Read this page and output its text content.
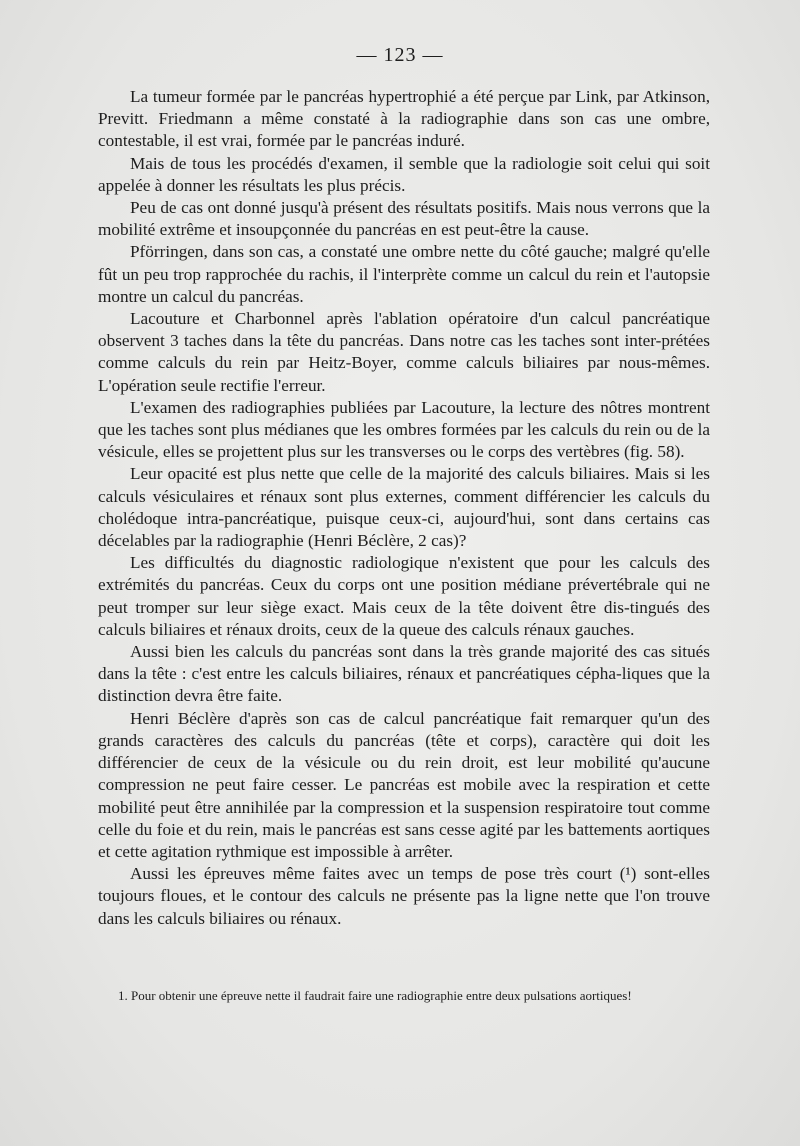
— 123 —

La tumeur formée par le pancréas hypertrophié a été perçue par Link, par Atkinson, Previtt. Friedmann a même constaté à la radiographie dans son cas une ombre, contestable, il est vrai, formée par le pancréas induré.

Mais de tous les procédés d'examen, il semble que la radiologie soit celui qui soit appelée à donner les résultats les plus précis.

Peu de cas ont donné jusqu'à présent des résultats positifs. Mais nous verrons que la mobilité extrême et insoupçonnée du pancréas en est peut-être la cause.

Pförringen, dans son cas, a constaté une ombre nette du côté gauche; malgré qu'elle fût un peu trop rapprochée du rachis, il l'interprète comme un calcul du rein et l'autopsie montre un calcul du pancréas.

Lacouture et Charbonnel après l'ablation opératoire d'un calcul pancréatique observent 3 taches dans la tête du pancréas. Dans notre cas les taches sont inter-prétées comme calculs du rein par Heitz-Boyer, comme calculs biliaires par nous-mêmes. L'opération seule rectifie l'erreur.

L'examen des radiographies publiées par Lacouture, la lecture des nôtres montrent que les taches sont plus médianes que les ombres formées par les calculs du rein ou de la vésicule, elles se projettent plus sur les transverses ou le corps des vertèbres (fig. 58).

Leur opacité est plus nette que celle de la majorité des calculs biliaires. Mais si les calculs vésiculaires et rénaux sont plus externes, comment différencier les calculs du cholédoque intra-pancréatique, puisque ceux-ci, aujourd'hui, sont dans certains cas décelables par la radiographie (Henri Béclère, 2 cas)?

Les difficultés du diagnostic radiologique n'existent que pour les calculs des extrémités du pancréas. Ceux du corps ont une position médiane prévertébrale qui ne peut tromper sur leur siège exact. Mais ceux de la tête doivent être dis-tingués des calculs biliaires et rénaux droits, ceux de la queue des calculs rénaux gauches.

Aussi bien les calculs du pancréas sont dans la très grande majorité des cas situés dans la tête : c'est entre les calculs biliaires, rénaux et pancréatiques cépha-liques que la distinction devra être faite.

Henri Béclère d'après son cas de calcul pancréatique fait remarquer qu'un des grands caractères des calculs du pancréas (tête et corps), caractère qui doit les différencier de ceux de la vésicule ou du rein droit, est leur mobilité qu'aucune compression ne peut faire cesser. Le pancréas est mobile avec la respiration et cette mobilité peut être annihilée par la compression et la suspension respiratoire tout comme celle du foie et du rein, mais le pancréas est sans cesse agité par les battements aortiques et cette agitation rythmique est impossible à arrêter.

Aussi les épreuves même faites avec un temps de pose très court (¹) sont-elles toujours floues, et le contour des calculs ne présente pas la ligne nette que l'on trouve dans les calculs biliaires ou rénaux.

1. Pour obtenir une épreuve nette il faudrait faire une radiographie entre deux pulsations aortiques!
